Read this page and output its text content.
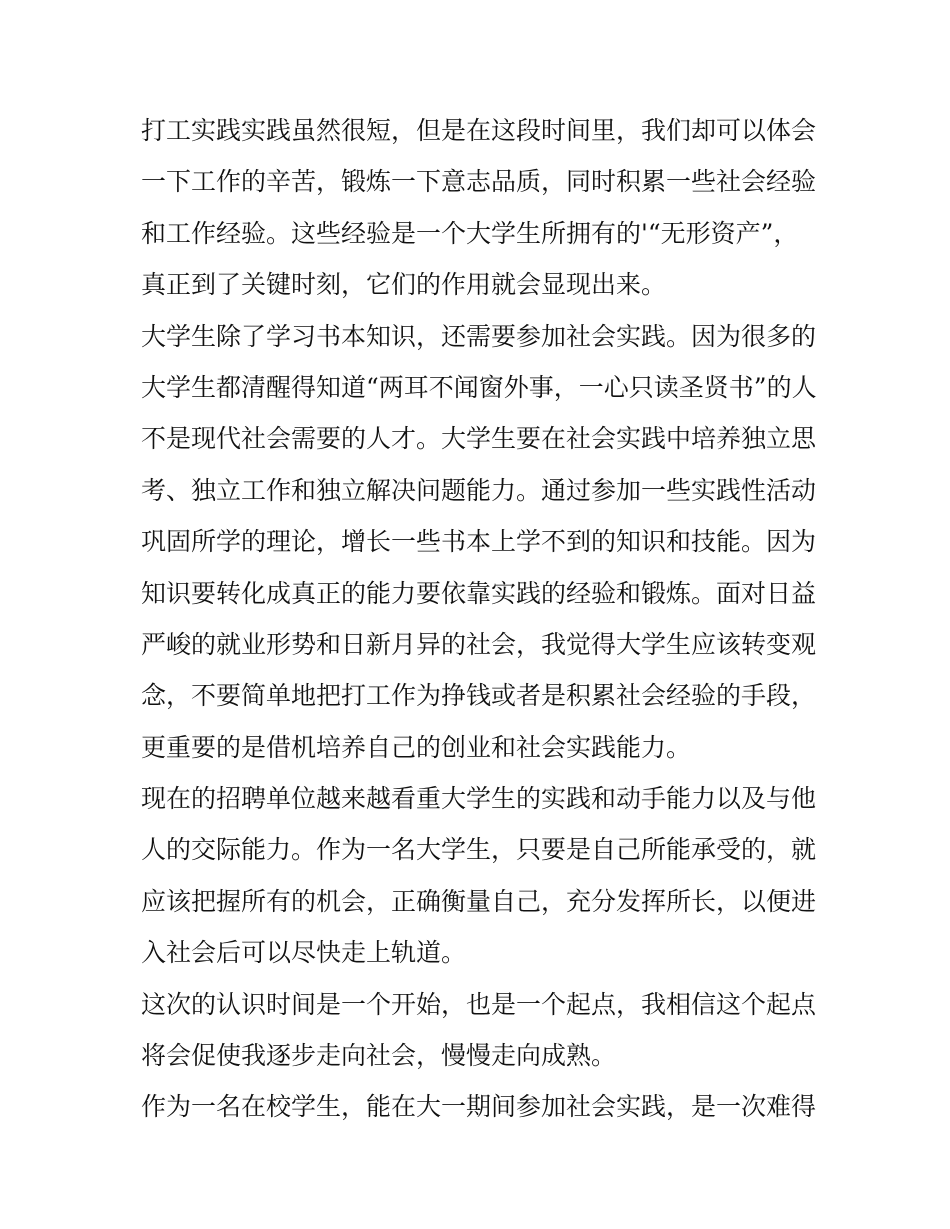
打工实践实践虽然很短，但是在这段时间里，我们却可以体会
一下工作的辛苦，锻炼一下意志品质，同时积累一些社会经验
和工作经验。这些经验是一个大学生所拥有的'“无形资产”，
真正到了关键时刻，它们的作用就会显现出来。
大学生除了学习书本知识，还需要参加社会实践。因为很多的
大学生都清醒得知道“两耳不闻窗外事，一心只读圣贤书”的人
不是现代社会需要的人才。大学生要在社会实践中培养独立思
考、独立工作和独立解决问题能力。通过参加一些实践性活动
巩固所学的理论，增长一些书本上学不到的知识和技能。因为
知识要转化成真正的能力要依靠实践的经验和锻炼。面对日益
严峻的就业形势和日新月异的社会，我觉得大学生应该转变观
念，不要简单地把打工作为挣钱或者是积累社会经验的手段，
更重要的是借机培养自己的创业和社会实践能力。
现在的招聘单位越来越看重大学生的实践和动手能力以及与他
人的交际能力。作为一名大学生，只要是自己所能承受的，就
应该把握所有的机会，正确衡量自己，充分发挥所长，以便进
入社会后可以尽快走上轨道。
这次的认识时间是一个开始，也是一个起点，我相信这个起点
将会促使我逐步走向社会，慢慢走向成熟。
作为一名在校学生，能在大一期间参加社会实践，是一次难得
